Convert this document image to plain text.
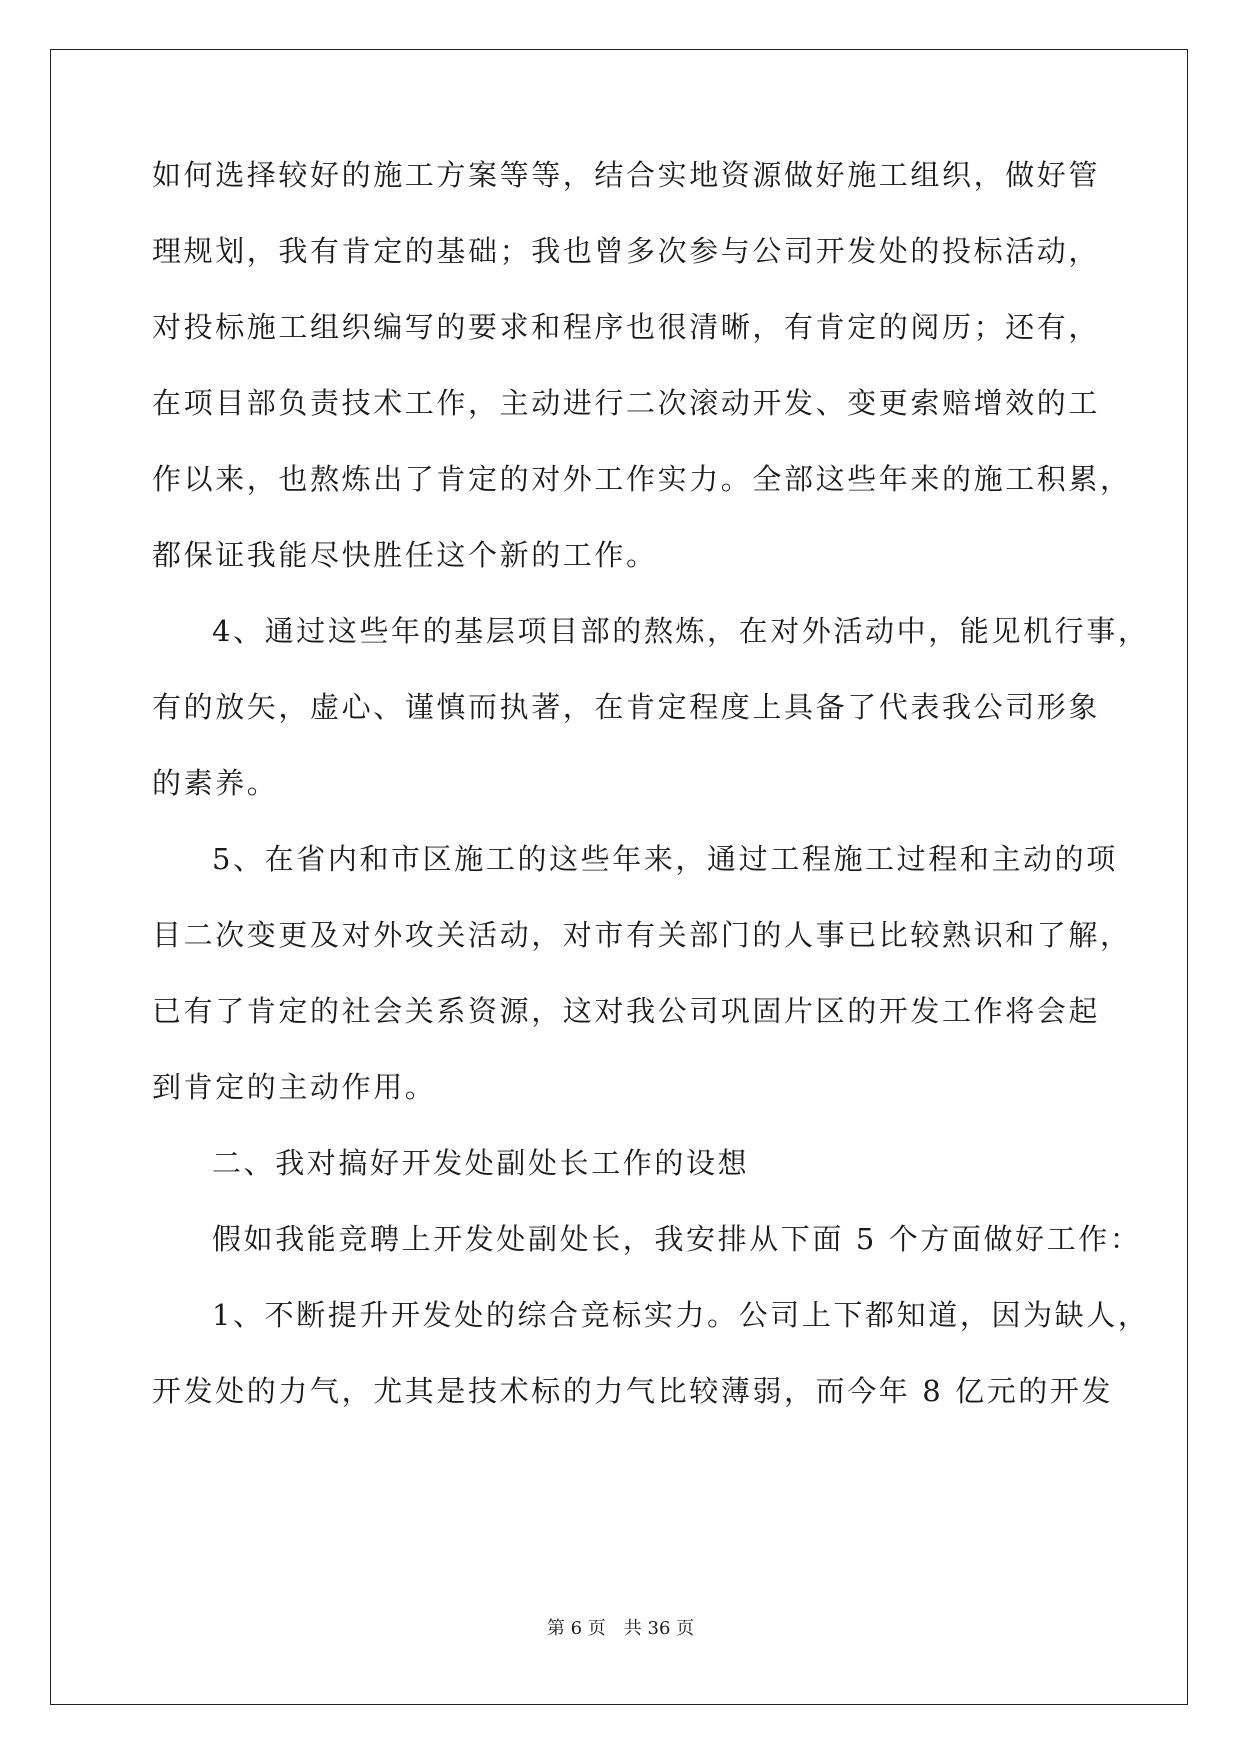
如何选择较好的施工方案等等，结合实地资源做好施工组织，做好管
理规划，我有肯定的基础；我也曾多次参与公司开发处的投标活动，
对投标施工组织编写的要求和程序也很清晰，有肯定的阅历；还有，
在项目部负责技术工作，主动进行二次滚动开发、变更索赔增效的工
作以来，也熬炼出了肯定的对外工作实力。全部这些年来的施工积累，
都保证我能尽快胜任这个新的工作。
4、通过这些年的基层项目部的熬炼，在对外活动中，能见机行事，
有的放矢，虚心、谨慎而执著，在肯定程度上具备了代表我公司形象
的素养。
5、在省内和市区施工的这些年来，通过工程施工过程和主动的项
目二次变更及对外攻关活动，对市有关部门的人事已比较熟识和了解，
已有了肯定的社会关系资源，这对我公司巩固片区的开发工作将会起
到肯定的主动作用。
二、我对搞好开发处副处长工作的设想
假如我能竞聘上开发处副处长，我安排从下面 5 个方面做好工作：
1、不断提升开发处的综合竞标实力。公司上下都知道，因为缺人，
开发处的力气，尤其是技术标的力气比较薄弱，而今年 8 亿元的开发
第 6 页 共 36 页
